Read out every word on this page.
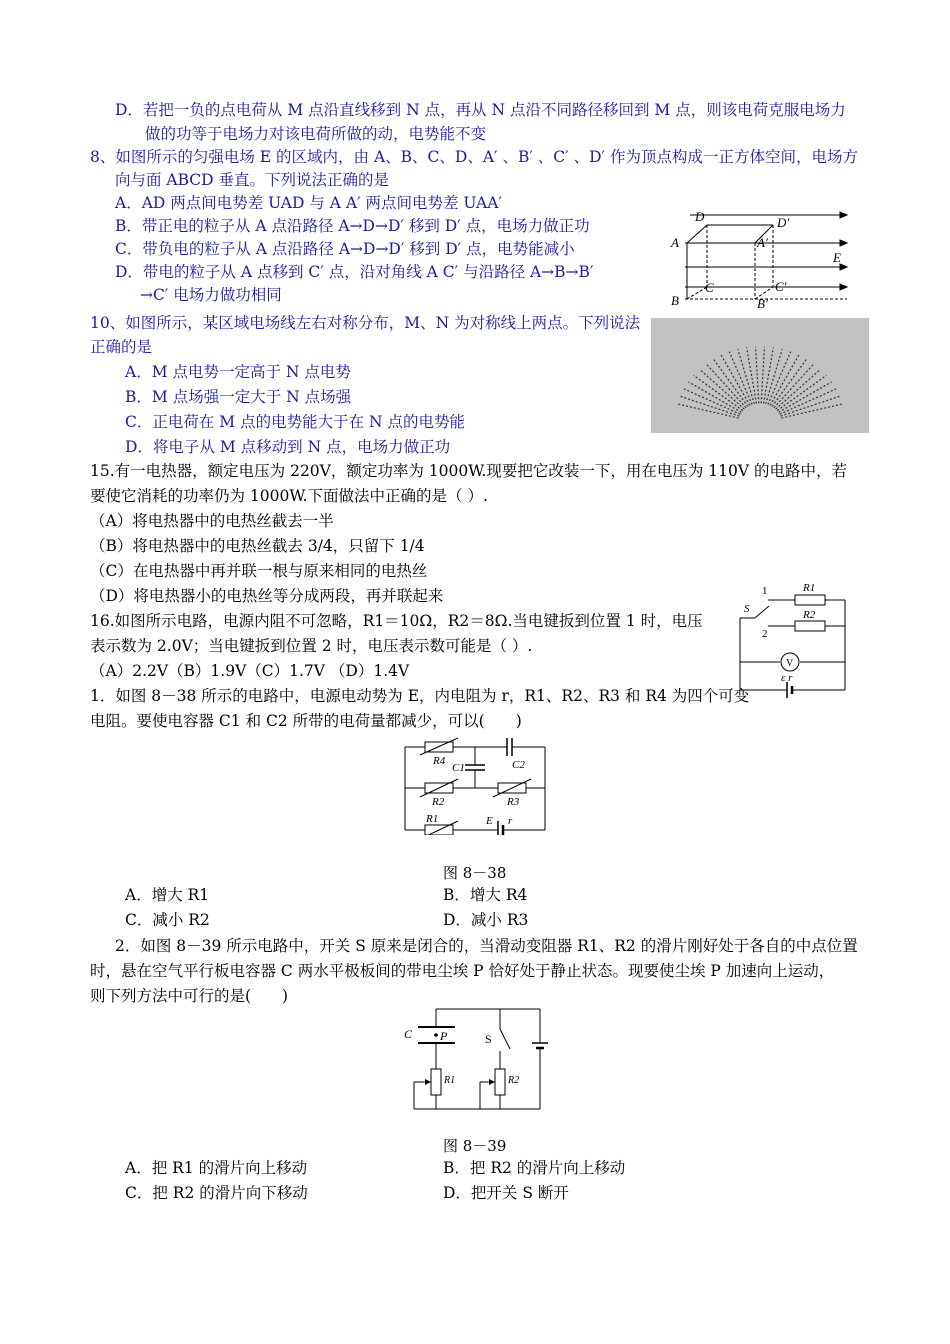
D．若把一负的点电荷从 M 点沿直线移到 N 点，再从 N 点沿不同路径移回到 M 点，则该电荷克服电场力
做的功等于电场力对该电荷所做的动，电势能不变
8、如图所示的匀强电场 E 的区域内，由 A、B、C、D、A′ 、B′ 、C′ 、D′ 作为顶点构成一正方体空间，电场方
向与面 ABCD 垂直。下列说法正确的是
A．AD 两点间电势差 UAD 与 A A′ 两点间电势差 UAA′
B．带正电的粒子从 A 点沿路径 A→D→D′ 移到 D′ 点，电场力做正功
C．带负电的粒子从 A 点沿路径 A→D→D′ 移到 D′ 点，电势能减小
D．带电的粒子从 A 点移到 C′ 点，沿对角线 A C′ 与沿路径 A→B→B′
→C′ 电场力做功相同
10、如图所示，某区域电场线左右对称分布，M、N 为对称线上两点。下列说法
正确的是
A．M 点电势一定高于 N 点电势
B．M 点场强一定大于 N 点场强
C．正电荷在 M 点的电势能大于在 N 点的电势能
D．将电子从 M 点移动到 N 点，电场力做正功
15.有一电热器，额定电压为 220V，额定功率为 1000W.现要把它改装一下，用在电压为 110V 的电路中，若
要使它消耗的功率仍为 1000W.下面做法中正确的是（ ）.
（A）将电热器中的电热丝截去一半
（B）将电热器中的电热丝截去 3/4，只留下 1/4
（C）在电热器中再并联一根与原来相同的电热丝
（D）将电热器小的电热丝等分成两段，再并联起来
16.如图所示电路，电源内阻不可忽略，R1＝10Ω，R2＝8Ω.当电键扳到位置 1 时，电压
表示数为 2.0V；当电键扳到位置 2 时，电压表示数可能是（ ）.
（A）2.2V（B）1.9V（C）1.7V （D）1.4V
1．如图 8－38 所示的电路中，电源电动势为 E，内电阻为 r，R1、R2、R3 和 R4 为四个可变
电阻。要使电容器 C1 和 C2 所带的电荷量都减少，可以(　　)
图 8－38
A．增大 R1	B．增大 R4
C．减小 R2	D．减小 R3
2．如图 8－39 所示电路中，开关 S 原来是闭合的，当滑动变阻器 R1、R2 的滑片刚好处于各自的中点位置
时，悬在空气平行板电容器 C 两水平极板间的带电尘埃 P 恰好处于静止状态。现要使尘埃 P 加速向上运动，
则下列方法中可行的是(　　)
图 8－39
A．把 R1 的滑片向上移动	B．把 R2 的滑片向上移动
C．把 R2 的滑片向下移动	D．把开关 S 断开
D	D′
A	A′
E
C	C′
B	B′
1
2
S
R1
R2
V
ε r
R4
C1	C2
R2	R3
R1	E r
C P	S
R1	R2
